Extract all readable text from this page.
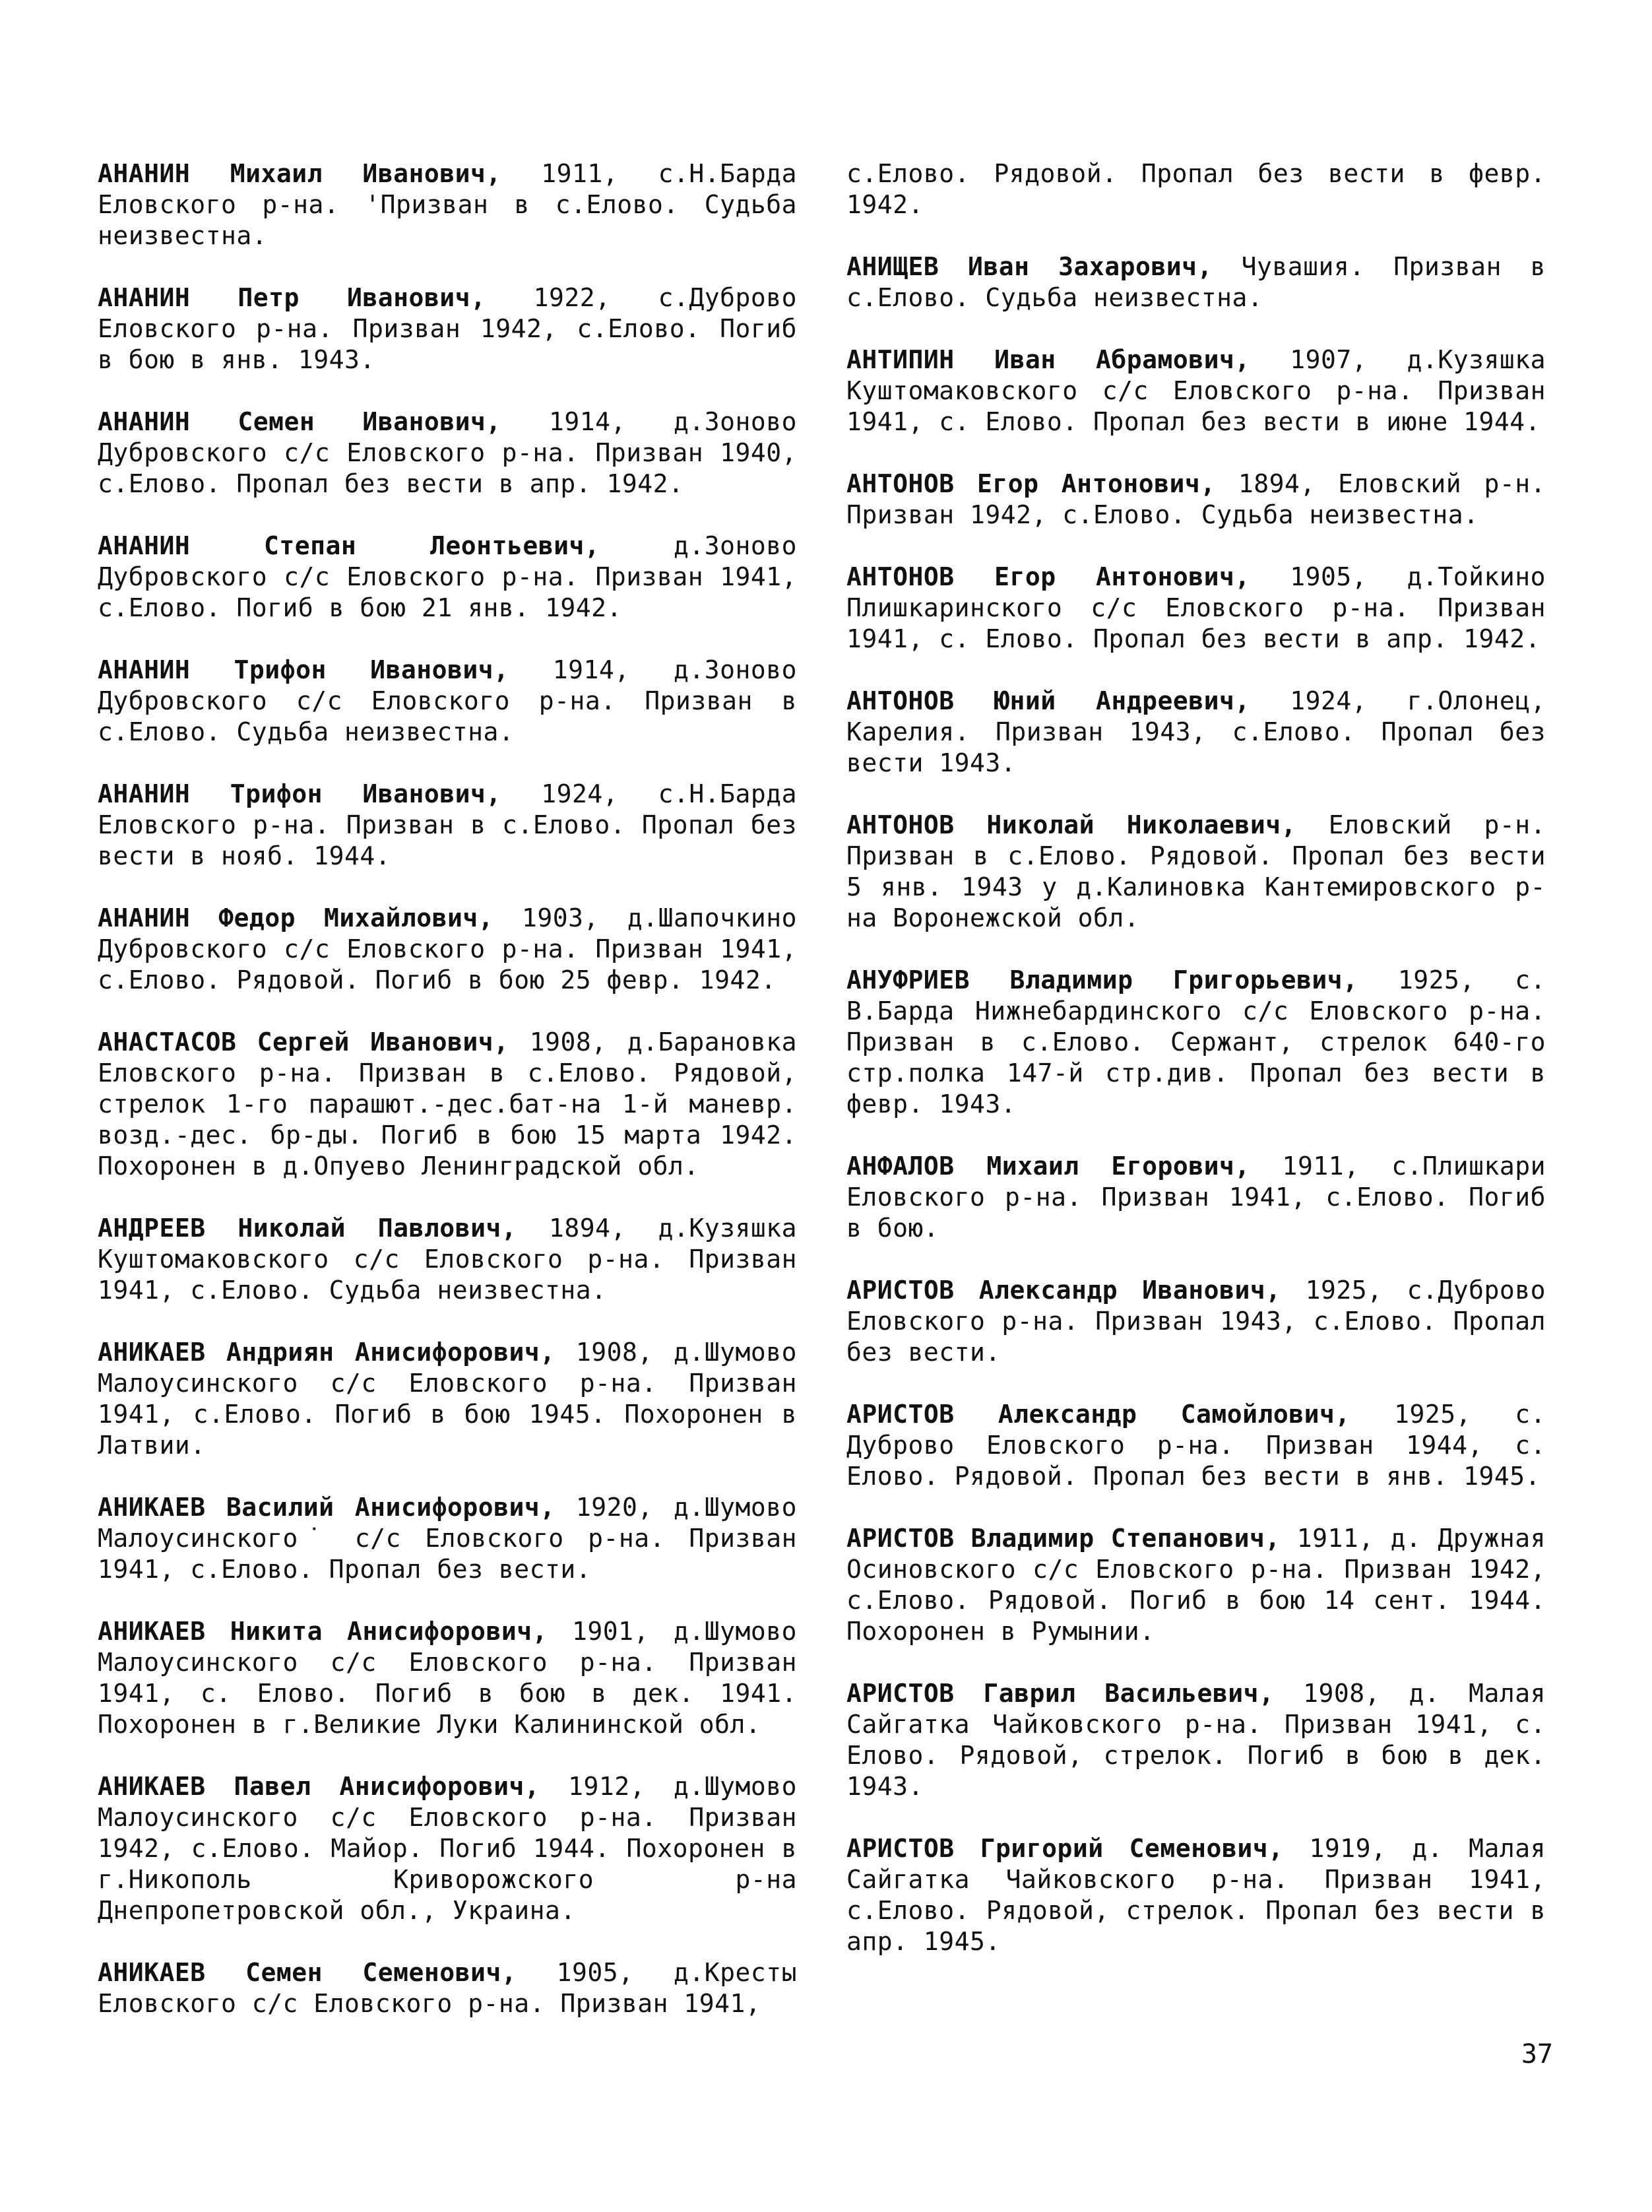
АНАНИН Михаил Иванович, 1911, с.Н.Барда Еловского р-на. 'Призван в с.Елово. Судьба неизвестна.

АНАНИН Петр Иванович, 1922, с.Дуброво Еловского р-на. Призван 1942, с.Елово. Погиб в бою в янв. 1943.

АНАНИН Семен Иванович, 1914, д.Зоново Дубровского с/с Еловского р-на. Призван 1940, с.Елово. Пропал без вести в апр. 1942.

АНАНИН Степан Леонтьевич, д.Зоново Дубровского с/с Еловского р-на. Призван 1941, с.Елово. Погиб в бою 21 янв. 1942.

АНАНИН Трифон Иванович, 1914, д.Зоново Дубровского с/с Еловского р-на. Призван в с.Елово. Судьба неизвестна.

АНАНИН Трифон Иванович, 1924, с.Н.Барда Еловского р-на. Призван в с.Елово. Пропал без вести в нояб. 1944.

АНАНИН Федор Михайлович, 1903, д.Шапочкино Дубровского с/с Еловского р-на. Призван 1941, с.Елово. Рядовой. Погиб в бою 25 февр. 1942.

АНАСТАСОВ Сергей Иванович, 1908, д.Барановка Еловского р-на. Призван в с.Елово. Рядовой, стрелок 1-го парашют.-дес.бат-на 1-й маневр. возд.-дес. бр-ды. Погиб в бою 15 марта 1942. Похоронен в д.Опуево Ленинградской обл.

АНДРЕЕВ Николай Павлович, 1894, д.Кузяшка Куштомаковского с/с Еловского р-на. Призван 1941, с.Елово. Судьба неизвестна.

АНИКАЕВ Андриян Анисифорович, 1908, д.Шумово Малоусинского с/с Еловского р-на. Призван 1941, с.Елово. Погиб в бою 1945. Похоронен в Латвии.

АНИКАЕВ Василий Анисифорович, 1920, д.Шумово Малоусинского˙ с/с Еловского р-на. Призван 1941, с.Елово. Пропал без вести.

АНИКАЕВ Никита Анисифорович, 1901, д.Шумово Малоусинского с/с Еловского р-на. Призван 1941, с. Елово. Погиб в бою в дек. 1941. Похоронен в г.Великие Луки Калининской обл.

АНИКАЕВ Павел Анисифорович, 1912, д.Шумово Малоусинского с/с Еловского р-на. Призван 1942, с.Елово. Майор. Погиб 1944. Похоронен в г.Никополь Криворожского р-на Днепропетровской обл., Украина.

АНИКАЕВ Семен Семенович, 1905, д.Кресты Еловского с/с Еловского р-на. Призван 1941,

с.Елово. Рядовой. Пропал без вести в февр. 1942.

АНИЩЕВ Иван Захарович, Чувашия. Призван в с.Елово. Судьба неизвестна.

АНТИПИН Иван Абрамович, 1907, д.Кузяшка Куштомаковского с/с Еловского р-на. Призван 1941, с. Елово. Пропал без вести в июне 1944.

АНТОНОВ Егор Антонович, 1894, Еловский р-н. Призван 1942, с.Елово. Судьба неизвестна.

АНТОНОВ Егор Антонович, 1905, д.Тойкино Плишкаринского с/с Еловского р-на. Призван 1941, с. Елово. Пропал без вести в апр. 1942.

АНТОНОВ Юний Андреевич, 1924, г.Олонец, Карелия. Призван 1943, с.Елово. Пропал без вести 1943.

АНТОНОВ Николай Николаевич, Еловский р-н. Призван в с.Елово. Рядовой. Пропал без вести 5 янв. 1943 у д.Калиновка Кантемировского р-на Воронежской обл.

АНУФРИЕВ Владимир Григорьевич, 1925, с. В.Барда Нижнебардинского с/с Еловского р-на. Призван в с.Елово. Сержант, стрелок 640-го стр.полка 147-й стр.див. Пропал без вести в февр. 1943.

АНФАЛОВ Михаил Егорович, 1911, с.Плишкари Еловского р-на. Призван 1941, с.Елово. Погиб в бою.

АРИСТОВ Александр Иванович, 1925, с.Дуброво Еловского р-на. Призван 1943, с.Елово. Пропал без вести.

АРИСТОВ Александр Самойлович, 1925, с. Дуброво Еловского р-на. Призван 1944, с. Елово. Рядовой. Пропал без вести в янв. 1945.

АРИСТОВ Владимир Степанович, 1911, д. Дружная Осиновского с/с Еловского р-на. Призван 1942, с.Елово. Рядовой. Погиб в бою 14 сент. 1944. Похоронен в Румынии.

АРИСТОВ Гаврил Васильевич, 1908, д. Малая Сайгатка Чайковского р-на. Призван 1941, с. Елово. Рядовой, стрелок. Погиб в бою в дек. 1943.

АРИСТОВ Григорий Семенович, 1919, д. Малая Сайгатка Чайковского р-на. Призван 1941, с.Елово. Рядовой, стрелок. Пропал без вести в апр. 1945.

37
